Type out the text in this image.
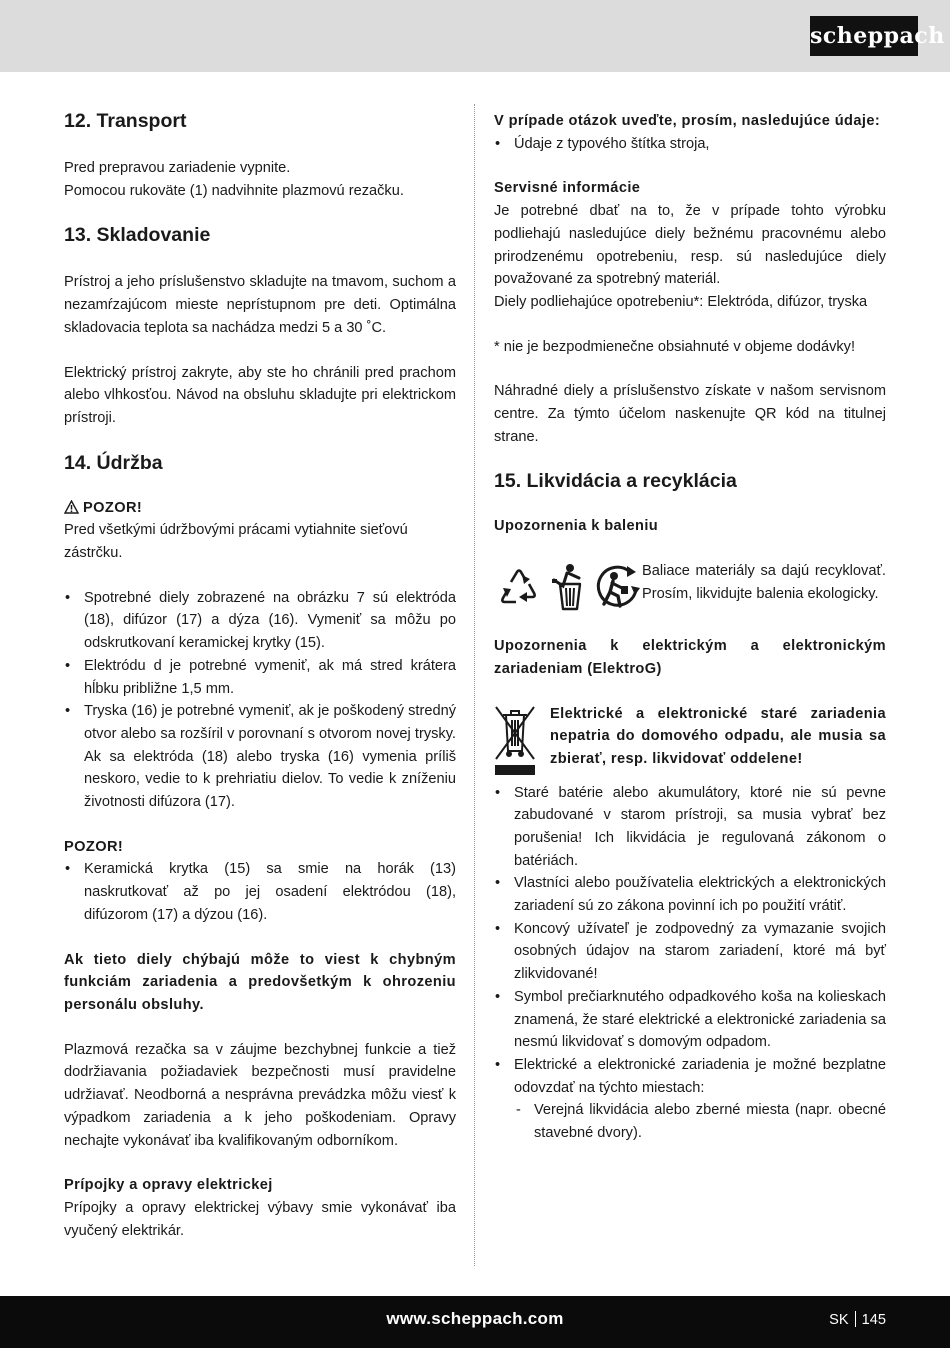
scheppach
12. Transport

Pred prepravou zariadenie vypnite.

Pomocou rukoväte (1) nadvihnite plazmovú rezačku.

13. Skladovanie

Prístroj a jeho príslušenstvo skladujte na tmavom, suchom a nezamŕzajúcom mieste neprístupnom pre deti. Optimálna skladovacia teplota sa nachádza medzi 5 a 30 ˚C.

Elektrický prístroj zakryte, aby ste ho chránili pred prachom alebo vlhkosťou. Návod na obsluhu skladujte pri elektrickom prístroji.

14. Údržba
POZOR!

Pred všetkými údržbovými prácami vytiahnite sieťovú zástrčku.

• Spotrebné diely zobrazené na obrázku 7 sú elektróda (18), difúzor (17) a dýza (16). Vymeniť sa môžu po odskrutkovaní keramickej krytky (15).
• Elektródu d je potrebné vymeniť, ak má stred krátera hĺbku približne 1,5 mm.
• Tryska (16) je potrebné vymeniť, ak je poškodený stredný otvor alebo sa rozšíril v porovnaní s otvorom novej trysky. Ak sa elektróda (18) alebo tryska (16) vymenia príliš neskoro, vedie to k prehriatiu dielov. To vedie k zníženiu životnosti difúzora (17).

POZOR!

• Keramická krytka (15) sa smie na horák (13) naskrutkovať až po jej osadení elektródou (18), difúzorom (17) a dýzou (16).

Ak tieto diely chýbajú môže to viest k chybným funkciám zariadenia a predovšetkým k ohrozeniu personálu obsluhy.

Plazmová rezačka sa v záujme bezchybnej funkcie a tiež dodržiavania požiadaviek bezpečnosti musí pravidelne udržiavať. Neodborná a nesprávna prevádzka môžu viesť k výpadkom zariadenia a k jeho poškodeniam. Opravy nechajte vykonávať iba kvalifikovaným odborníkom.

Prípojky a opravy elektrickej

Prípojky a opravy elektrickej výbavy smie vykonávať iba vyučený elektrikár.

V prípade otázok uveďte, prosím, nasledujúce údaje:

• Údaje z typového štítka stroja,

Servisné informácie

Je potrebné dbať na to, že v prípade tohto výrobku podliehajú nasledujúce diely bežnému pracovnému alebo prirodzenému opotrebeniu, resp. sú nasledujúce diely považované za spotrebný materiál.

Diely podliehajúce opotrebeniu*: Elektróda, difúzor, tryska

* nie je bezpodmienečne obsiahnuté v objeme dodávky!

Náhradné diely a príslušenstvo získate v našom servisnom centre. Za týmto účelom naskenujte QR kód na titulnej strane.

15. Likvidácia a recyklácia

Upozornenia k baleniu

Baliace materiály sa dajú recyklovať. Prosím, likvidujte balenia ekologicky.

Upozornenia k elektrickým a elektronickým zariadeniam (ElektroG)

Elektrické a elektronické staré zariadenia nepatria do domového odpadu, ale musia sa zbierať, resp. likvidovať oddelene!

• Staré batérie alebo akumulátory, ktoré nie sú pevne zabudované v starom prístroji, sa musia vybrať bez porušenia! Ich likvidácia je regulovaná zákonom o batériách.
• Vlastníci alebo používatelia elektrických a elektronických zariadení sú zo zákona povinní ich po použití vrátiť.
• Koncový užívateľ je zodpovedný za vymazanie svojich osobných údajov na starom zariadení, ktoré má byť zlikvidované!
• Symbol prečiarknutého odpadkového koša na kolieskach znamená, že staré elektrické a elektronické zariadenia sa nesmú likvidovať s domovým odpadom.
• Elektrické a elektronické zariadenia je možné bezplatne odovzdať na týchto miestach:
- Verejná likvidácia alebo zberné miesta (napr. obecné stavebné dvory).
www.scheppach.com	SK 145
